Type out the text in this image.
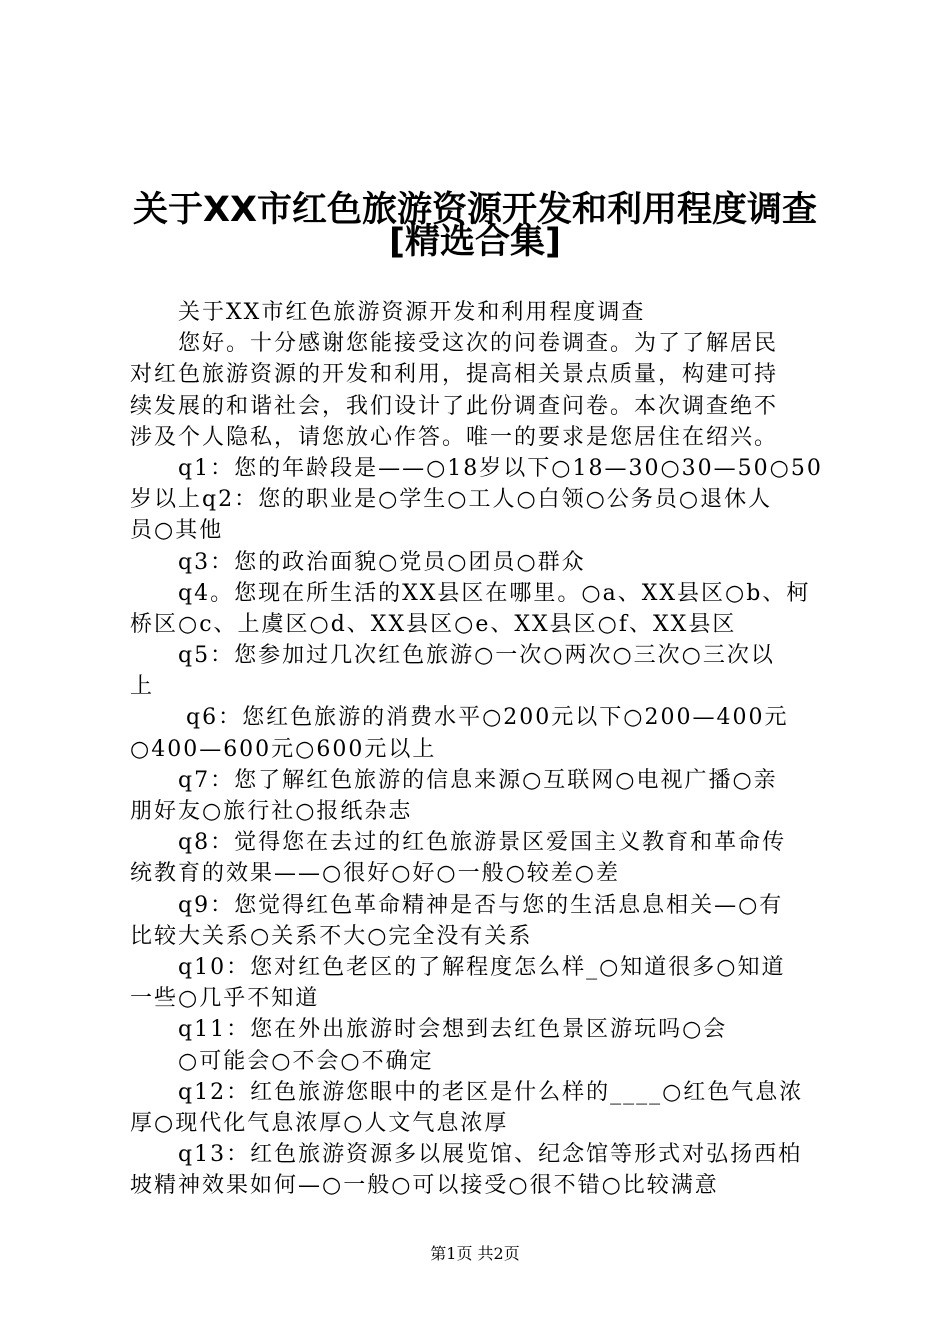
关于XX市红色旅游资源开发和利用程度调查
[精选合集]
关于XX市红色旅游资源开发和利用程度调查
您好。十分感谢您能接受这次的问卷调查。为了了解居民
对红色旅游资源的开发和利用，提高相关景点质量，构建可持
续发展的和谐社会，我们设计了此份调查问卷。本次调查绝不
涉及个人隐私，请您放心作答。唯一的要求是您居住在绍兴。
q1：您的年龄段是——○18岁以下○18—30○30—50○50
岁以上q2：您的职业是○学生○工人○白领○公务员○退休人
员○其他
q3：您的政治面貌○党员○团员○群众
q4。您现在所生活的XX县区在哪里。○a、XX县区○b、柯
桥区○c、上虞区○d、XX县区○e、XX县区○f、XX县区
q5：您参加过几次红色旅游○一次○两次○三次○三次以
上
q6：您红色旅游的消费水平○200元以下○200—400元
○400—600元○600元以上
q7：您了解红色旅游的信息来源○互联网○电视广播○亲
朋好友○旅行社○报纸杂志
q8：觉得您在去过的红色旅游景区爱国主义教育和革命传
统教育的效果——○很好○好○一般○较差○差
q9：您觉得红色革命精神是否与您的生活息息相关—○有
比较大关系○关系不大○完全没有关系
q10：您对红色老区的了解程度怎么样_○知道很多○知道
一些○几乎不知道
q11：您在外出旅游时会想到去红色景区游玩吗○会
○可能会○不会○不确定
q12：红色旅游您眼中的老区是什么样的____○红色气息浓
厚○现代化气息浓厚○人文气息浓厚
q13：红色旅游资源多以展览馆、纪念馆等形式对弘扬西柏
坡精神效果如何—○一般○可以接受○很不错○比较满意
第1页 共2页
